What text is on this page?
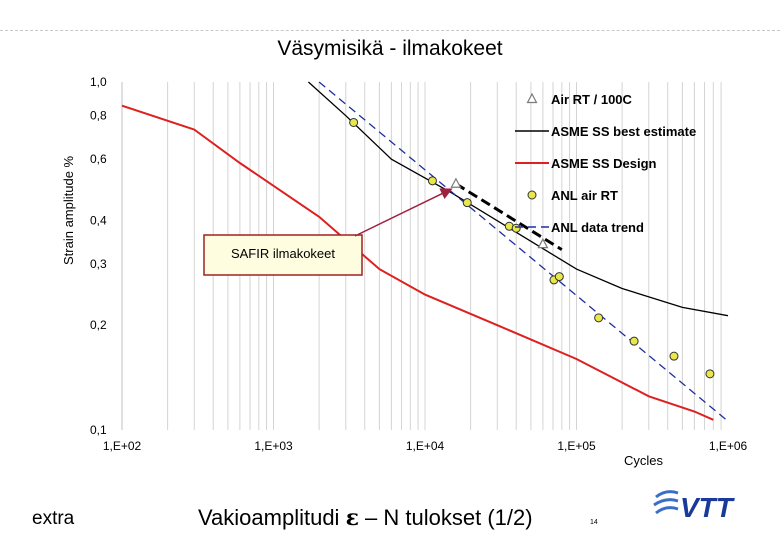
Väsymisikä - ilmakokeet
0,1
0,2
0,3
0,4
0,6
0,8
1,0
1,E+02	1,E+03	1,E+04	1,E+05	1,E+06
Strain amplitude %
Cycles
Air RT / 100C
ASME SS best estimate
ASME SS Design
ANL air RT
ANL data trend
SAFIR ilmakokeet
extra	Vakioamplitudi ε – N tulokset (1/2)	14	VTT
